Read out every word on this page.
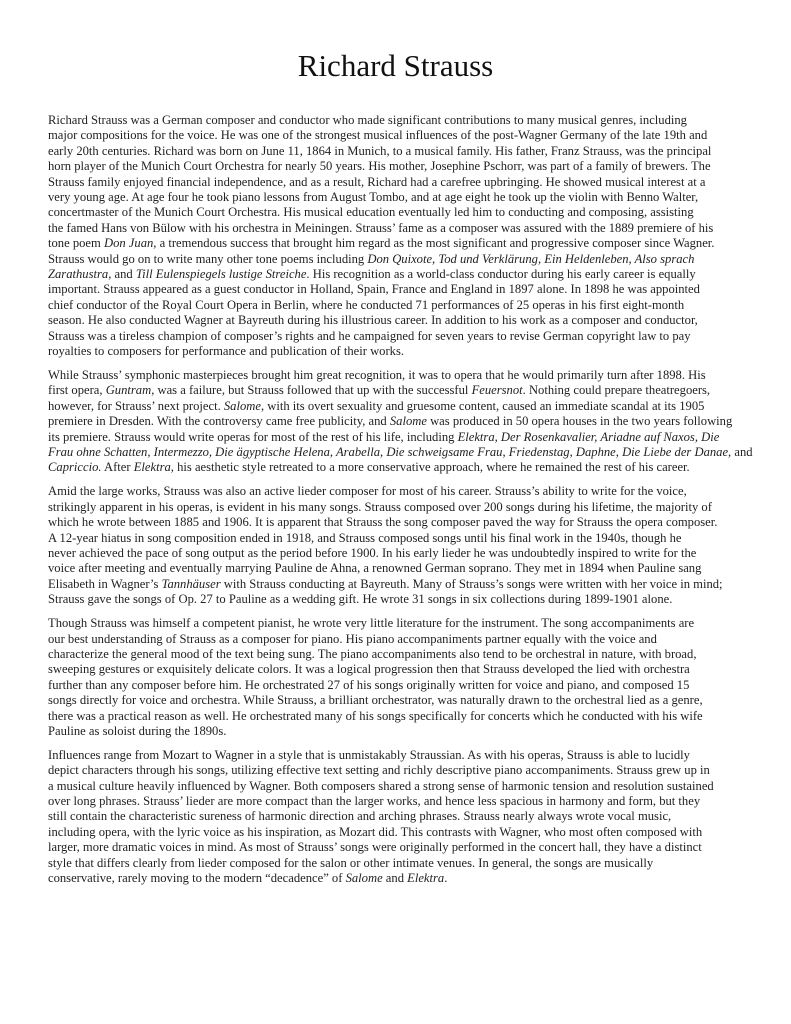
Richard Strauss

Richard Strauss was a German composer and conductor who made significant contributions to many musical genres, including
major compositions for the voice. He was one of the strongest musical influences of the post-Wagner Germany of the late 19th and
early 20th centuries. Richard was born on June 11, 1864 in Munich, to a musical family. His father, Franz Strauss, was the principal
horn player of the Munich Court Orchestra for nearly 50 years. His mother, Josephine Pschorr, was part of a family of brewers. The
Strauss family enjoyed financial independence, and as a result, Richard had a carefree upbringing. He showed musical interest at a
very young age. At age four he took piano lessons from August Tombo, and at age eight he took up the violin with Benno Walter,
concertmaster of the Munich Court Orchestra. His musical education eventually led him to conducting and composing, assisting
the famed Hans von Bülow with his orchestra in Meiningen. Strauss’ fame as a composer was assured with the 1889 premiere of his
tone poem Don Juan, a tremendous success that brought him regard as the most significant and progressive composer since Wagner.
Strauss would go on to write many other tone poems including Don Quixote, Tod und Verklärung, Ein Heldenleben, Also sprach
Zarathustra, and Till Eulenspiegels lustige Streiche. His recognition as a world-class conductor during his early career is equally
important. Strauss appeared as a guest conductor in Holland, Spain, France and England in 1897 alone. In 1898 he was appointed
chief conductor of the Royal Court Opera in Berlin, where he conducted 71 performances of 25 operas in his first eight-month
season. He also conducted Wagner at Bayreuth during his illustrious career. In addition to his work as a composer and conductor,
Strauss was a tireless champion of composer’s rights and he campaigned for seven years to revise German copyright law to pay
royalties to composers for performance and publication of their works.

While Strauss’ symphonic masterpieces brought him great recognition, it was to opera that he would primarily turn after 1898. His
first opera, Guntram, was a failure, but Strauss followed that up with the successful Feuersnot. Nothing could prepare theatregoers,
however, for Strauss’ next project. Salome, with its overt sexuality and gruesome content, caused an immediate scandal at its 1905
premiere in Dresden. With the controversy came free publicity, and Salome was produced in 50 opera houses in the two years following
its premiere. Strauss would write operas for most of the rest of his life, including Elektra, Der Rosenkavalier, Ariadne auf Naxos, Die
Frau ohne Schatten, Intermezzo, Die ägyptische Helena, Arabella, Die schweigsame Frau, Friedenstag, Daphne, Die Liebe der Danae, and
Capriccio. After Elektra, his aesthetic style retreated to a more conservative approach, where he remained the rest of his career.

Amid the large works, Strauss was also an active lieder composer for most of his career. Strauss’s ability to write for the voice,
strikingly apparent in his operas, is evident in his many songs. Strauss composed over 200 songs during his lifetime, the majority of
which he wrote between 1885 and 1906. It is apparent that Strauss the song composer paved the way for Strauss the opera composer.
A 12-year hiatus in song composition ended in 1918, and Strauss composed songs until his final work in the 1940s, though he
never achieved the pace of song output as the period before 1900. In his early lieder he was undoubtedly inspired to write for the
voice after meeting and eventually marrying Pauline de Ahna, a renowned German soprano. They met in 1894 when Pauline sang
Elisabeth in Wagner’s Tannhäuser with Strauss conducting at Bayreuth. Many of Strauss’s songs were written with her voice in mind;
Strauss gave the songs of Op. 27 to Pauline as a wedding gift. He wrote 31 songs in six collections during 1899-1901 alone.

Though Strauss was himself a competent pianist, he wrote very little literature for the instrument. The song accompaniments are
our best understanding of Strauss as a composer for piano. His piano accompaniments partner equally with the voice and
characterize the general mood of the text being sung. The piano accompaniments also tend to be orchestral in nature, with broad,
sweeping gestures or exquisitely delicate colors. It was a logical progression then that Strauss developed the lied with orchestra
further than any composer before him. He orchestrated 27 of his songs originally written for voice and piano, and composed 15
songs directly for voice and orchestra. While Strauss, a brilliant orchestrator, was naturally drawn to the orchestral lied as a genre,
there was a practical reason as well. He orchestrated many of his songs specifically for concerts which he conducted with his wife
Pauline as soloist during the 1890s.

Influences range from Mozart to Wagner in a style that is unmistakably Straussian. As with his operas, Strauss is able to lucidly
depict characters through his songs, utilizing effective text setting and richly descriptive piano accompaniments. Strauss grew up in
a musical culture heavily influenced by Wagner. Both composers shared a strong sense of harmonic tension and resolution sustained
over long phrases. Strauss’ lieder are more compact than the larger works, and hence less spacious in harmony and form, but they
still contain the characteristic sureness of harmonic direction and arching phrases. Strauss nearly always wrote vocal music,
including opera, with the lyric voice as his inspiration, as Mozart did. This contrasts with Wagner, who most often composed with
larger, more dramatic voices in mind. As most of Strauss’ songs were originally performed in the concert hall, they have a distinct
style that differs clearly from lieder composed for the salon or other intimate venues. In general, the songs are musically
conservative, rarely moving to the modern “decadence” of Salome and Elektra.
